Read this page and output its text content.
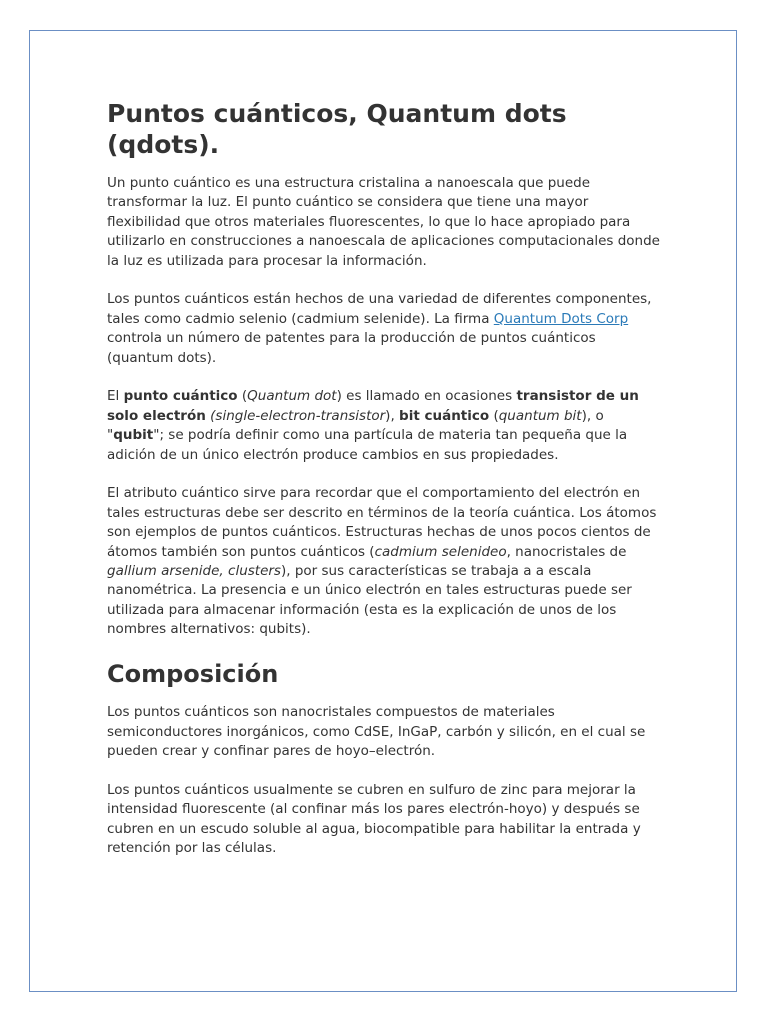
Puntos cuánticos, Quantum dots (qdots).

Un punto cuántico es una estructura cristalina a nanoescala que puede transformar la luz. El punto cuántico se considera que tiene una mayor flexibilidad que otros materiales fluorescentes, lo que lo hace apropiado para utilizarlo en construcciones a nanoescala de aplicaciones computacionales donde la luz es utilizada para procesar la información.

Los puntos cuánticos están hechos de una variedad de diferentes componentes, tales como cadmio selenio (cadmium selenide). La firma Quantum Dots Corp controla un número de patentes para la producción de puntos cuánticos (quantum dots).

El punto cuántico (Quantum dot) es llamado en ocasiones transistor de un solo electrón (single-electron-transistor), bit cuántico (quantum bit), o "qubit"; se podría definir como una partícula de materia tan pequeña que la adición de un único electrón produce cambios en sus propiedades.

El atributo cuántico sirve para recordar que el comportamiento del electrón en tales estructuras debe ser descrito en términos de la teoría cuántica. Los átomos son ejemplos de puntos cuánticos. Estructuras hechas de unos pocos cientos de átomos también son puntos cuánticos (cadmium selenideo, nanocristales de gallium arsenide, clusters), por sus características se trabaja a a escala nanométrica. La presencia e un único electrón en tales estructuras puede ser utilizada para almacenar información (esta es la explicación de unos de los nombres alternativos: qubits).

Composición

Los puntos cuánticos son nanocristales compuestos de materiales semiconductores inorgánicos, como CdSE, InGaP, carbón y silicón, en el cual se pueden crear y confinar pares de hoyo–electrón.

Los puntos cuánticos usualmente se cubren en sulfuro de zinc para mejorar la intensidad fluorescente (al confinar más los pares electrón-hoyo) y después se cubren en un escudo soluble al agua, biocompatible para habilitar la entrada y retención por las células.
